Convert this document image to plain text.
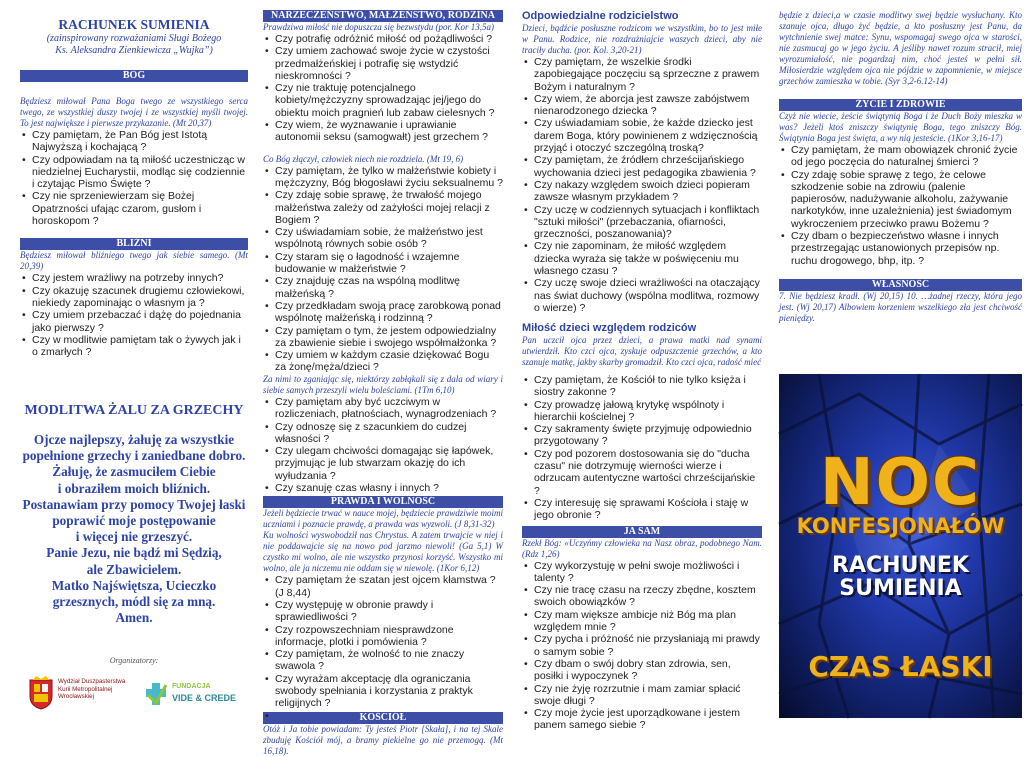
RACHUNEK SUMIENIA
(zainspirowany rozważaniami Sługi Bożego
Ks. Aleksandra Zienkiewicza „Wujka”)
BÓG
Będziesz miłował Pana Boga twego ze wszystkiego serca twego, ze wszystkiej duszy twojej i ze wszystkiej myśli twojej. To jest największe i pierwsze przykazanie. (Mt 20,37)
• Czy pamiętam, że Pan Bóg jest Istotą Najwyższą i kochającą ?
• Czy odpowiadam na tą miłość uczestnicząc w niedzielnej Eucharystii, modląc się codziennie i czytając Pismo Święte ?
• Czy nie sprzeniewierzam się Bożej Opatrzności ufając czarom, gusłom i horoskopom ?
BLIŹNI
Będziesz miłował bliźniego twego jak siebie samego. (Mt 20,39)
• Czy jestem wrażliwy na potrzeby innych?
• Czy okazuję szacunek drugiemu człowiekowi, niekiedy zapominając o własnym ja ?
• Czy umiem przebaczać i dążę do pojednania jako pierwszy ?
• Czy w modlitwie pamiętam tak o żywych jak i o zmarłych ?
MODLITWA ŻALU ZA GRZECHY
Ojcze najlepszy, żałuję za wszystkie
popełnione grzechy i zaniedbane dobro.
Żałuję, że zasmuciłem Ciebie
i obraziłem moich bliźnich.
Postanawiam przy pomocy Twojej łaski
poprawić moje postępowanie
i więcej nie grzeszyć.
Panie Jezu, nie bądź mi Sędzią,
ale Zbawicielem.
Matko Najświętsza, Ucieczko
grzesznych, módl się za mną.
Amen.
Organizatorzy:
Wydział Duszpasterstwa Kurii Metropolitalnej Wrocławskiej
FUNDACJA
VIDE & CREDE
NARZECZEŃSTWO, MAŁŻEŃSTWO, RODZINA
Prawdziwa miłość nie dopuszcza się bezwstydu (por. Kor 13,5a)
• Czy potrafię odróżnić miłość od pożądliwości ?
• Czy umiem zachować swoje życie w czystości przedmałżeńskiej i potrafię się wstydzić nieskromności ?
• Czy nie traktuję potencjalnego kobiety/mężczyzny sprowadzając jej/jego do obiektu moich pragnień lub zabaw cielesnych ?
• Czy wiem, że wyznawanie i uprawianie autonomii seksu (samogwałt) jest grzechem ?
Co Bóg złączył, człowiek niech nie rozdziela. (Mt 19, 6)
• Czy pamiętam, że tylko w małżeństwie kobiety i mężczyzny, Bóg błogosławi życiu seksualnemu ?
• Czy zdaję sobie sprawę, że trwałość mojego małżeństwa zależy od zażyłości mojej relacji z Bogiem ?
• Czy uświadamiam sobie, że małżeństwo jest wspólnotą równych sobie osób ?
• Czy staram się o łagodność i wzajemne budowanie w małżeństwie ?
• Czy znajduję czas na wspólną modlitwę małżeńską ?
• Czy przedkładam swoją pracę zarobkową ponad wspólnotę małżeńską i rodzinną ?
• Czy pamiętam o tym, że jestem odpowiedzialny za zbawienie siebie i swojego współmałżonka ?
• Czy umiem w każdym czasie dziękować Bogu za żonę/męża/dzieci ?
Za nimi to zganiając się, niektórzy zabłąkali się z dala od wiary i siebie samych przeszyli wielu boleściami. (1Tm 6,10)
• Czy pamiętam aby być uczciwym w rozliczeniach, płatnościach, wynagrodzeniach ?
• Czy odnoszę się z szacunkiem do cudzej własności ?
• Czy ulegam chciwości domagając się łapówek, przyjmując je lub stwarzam okazję do ich wyłudzania ?
• Czy szanuję czas własny i innych ?
PRAWDA I WOLNOŚĆ
Jeżeli będziecie trwać w nauce mojej, będziecie prawdziwie moimi uczniami i poznacie prawdę, a prawda was wyzwoli. (J 8,31-32)
Ku wolności wyswobodził nas Chrystus. A zatem trwajcie w niej i nie poddawajcie się na nowo pod jarzmo niewoli! (Ga 5,1) W czystko mi wolno, ale nie wszystko przynosi korzyść. Wszystko mi wolno, ale ja niczemu nie oddam się w niewolę. (1Kor 6,12)
• Czy pamiętam że szatan jest ojcem kłamstwa ? (J 8,44)
• Czy występuję w obronie prawdy i sprawiedliwości ?
• Czy rozpowszechniam niesprawdzone informacje, plotki i pomówienia ?
• Czy pamiętam, że wolność to nie znaczy swawola ?
• Czy wyrażam akceptację dla ograniczania swobody spełniania i korzystania z praktyk religijnych ?
KOŚCIÓŁ
Otóż i Ja tobie powiadam: Ty jesteś Piotr [Skała], i na tej Skale zbuduję Kościół mój, a bramy piekielne go nie przemogą. (Mt 16,18).
Odpowiedzialne rodzicielstwo
Dzieci, bądźcie posłuszne rodzicom we wszystkim, bo to jest miłe w Panu. Rodzice, nie rozdrażniajcie waszych dzieci, aby nie traciły ducha. (por. Kol. 3,20-21)
• Czy pamiętam, że wszelkie środki zapobiegające poczęciu są sprzeczne z prawem Bożym i naturalnym ?
• Czy wiem, że aborcja jest zawsze zabójstwem nienarodzonego dziecka ?
• Czy uświadamiam sobie, że każde dziecko jest darem Boga, który powinienem z wdzięcznością przyjąć i otoczyć szczególną troską?
• Czy pamiętam, że źródłem chrześcijańskiego wychowania dzieci jest pedagogika zbawienia ?
• Czy nakazy względem swoich dzieci popieram zawsze własnym przykładem ?
• Czy uczę w codziennych sytuacjach i konfliktach "sztuki miłości" (przebaczania, ofiarności, grzeczności, poszanowania)?
• Czy nie zapominam, że miłość względem dziecka wyraża się także w poświęceniu mu własnego czasu ?
• Czy uczę swoje dzieci wrażliwości na otaczający nas świat duchowy (wspólna modlitwa, rozmowy o wierze) ?
Miłość dzieci względem rodziców
Pan uczcił ojca przez dzieci, a prawa matki nad synami utwierdził. Kto czci ojca, zyskuje odpuszczenie grzechów, a kto szanuje matkę, jakby skarby gromadził. Kto czci ojca, radość mieć
• Czy pamiętam, że Kościół to nie tylko księża i siostry zakonne ?
• Czy prowadzę jałową krytykę wspólnoty i hierarchii kościelnej ?
• Czy sakramenty święte przyjmuję odpowiednio przygotowany ?
• Czy pod pozorem dostosowania się do "ducha czasu" nie dotrzymuję wierności wierze i odrzucam autentyczne wartości chrześcijańskie ?
• Czy interesuję się sprawami Kościoła i staję w jego obronie ?
JA SAM
Rzekł Bóg: «Uczyńmy człowieka na Nasz obraz, podobnego Nam. (Rdz 1,26)
• Czy wykorzystuję w pełni swoje możliwości i talenty ?
• Czy nie tracę czasu na rzeczy zbędne, kosztem swoich obowiązków ?
• Czy mam większe ambicje niż Bóg ma plan względem mnie ?
• Czy pycha i próżność nie przysłaniają mi prawdy o samym sobie ?
• Czy dbam o swój dobry stan zdrowia, sen, posiłki i wypoczynek ?
• Czy nie żyję rozrzutnie i mam zamiar spłacić swoje długi ?
• Czy moje życie jest uporządkowane i jestem panem samego siebie ?
będzie z dzieci,a w czasie modlitwy swej będzie wysłuchany. Kto szanuje ojca, długo żyć będzie, a kto posłuszny jest Panu, da wytchnienie swej matce: Synu, wspomagaj swego ojca w starości, nie zasmucaj go w jego życiu. A jeśliby nawet rozum stracił, miej wyrozumiałość, nie pogardzaj nim, choć jesteś w pełni sił. Miłosierdzie względem ojca nie pójdzie w zapomnienie, w miejsce grzechów zamieszka w tobie. (Syr 3,2-6.12-14)
ŻYCIE I ZDROWIE
Czyż nie wiecie, żeście świątynią Boga i że Duch Boży mieszka w was? Jeżeli ktoś zniszczy świątynię Boga, tego zniszczy Bóg. Świątynia Boga jest święta, a wy nią jesteście. (1Kor 3,16-17)
• Czy pamiętam, że mam obowiązek chronić życie od jego poczęcia do naturalnej śmierci ?
• Czy zdaję sobie sprawę z tego, że celowe szkodzenie sobie na zdrowiu (palenie papierosów, nadużywanie alkoholu, zażywanie narkotyków, inne uzależnienia) jest świadomym wykroczeniem przeciwko prawu Bożemu ?
• Czy dbam o bezpieczeństwo własne i innych przestrzegając ustanowionych przepisów np. ruchu drogowego, bhp, itp. ?
WŁASNOŚĆ
7. Nie będziesz kradł. (Wj 20,15) 10. …żadnej rzeczy, która jego jest. (Wj 20,17) Albowiem korzeniem wszelkiego zła jest chciwość pieniędzy.
NOC
KONFESJONAŁÓW
RACHUNEK
SUMIENIA
CZAS ŁASKI
